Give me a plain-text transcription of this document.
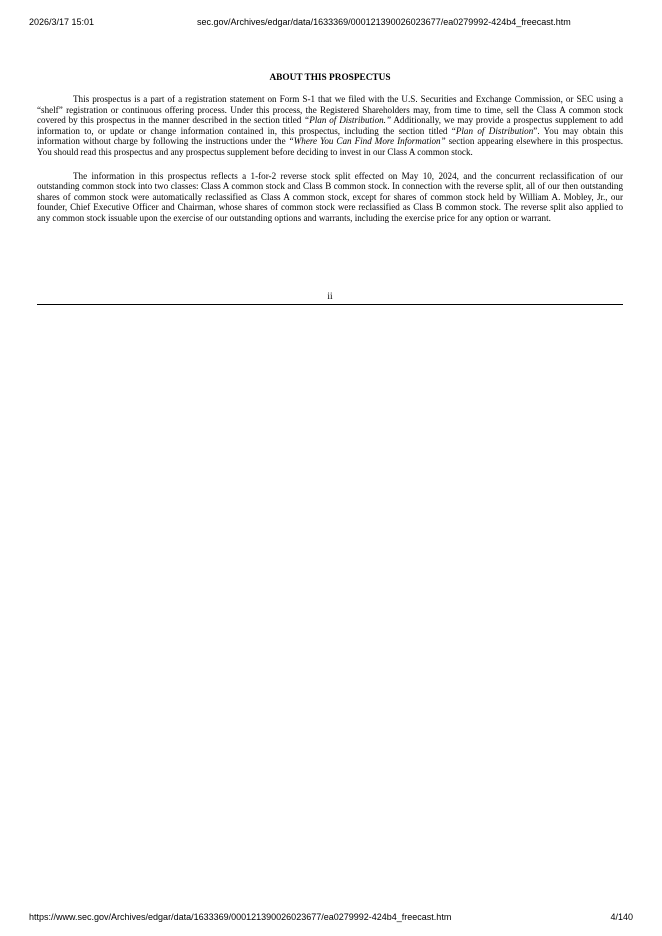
2026/3/17 15:01	sec.gov/Archives/edgar/data/1633369/000121390026023677/ea0279992-424b4_freecast.htm
ABOUT THIS PROSPECTUS

This prospectus is a part of a registration statement on Form S-1 that we filed with the U.S. Securities and Exchange Commission, or SEC using a “shelf” registration or continuous offering process. Under this process, the Registered Shareholders may, from time to time, sell the Class A common stock covered by this prospectus in the manner described in the section titled “Plan of Distribution.” Additionally, we may provide a prospectus supplement to add information to, or update or change information contained in, this prospectus, including the section titled “Plan of Distribution”. You may obtain this information without charge by following the instructions under the “Where You Can Find More Information” section appearing elsewhere in this prospectus. You should read this prospectus and any prospectus supplement before deciding to invest in our Class A common stock.

The information in this prospectus reflects a 1-for-2 reverse stock split effected on May 10, 2024, and the concurrent reclassification of our outstanding common stock into two classes: Class A common stock and Class B common stock. In connection with the reverse split, all of our then outstanding shares of common stock were automatically reclassified as Class A common stock, except for shares of common stock held by William A. Mobley, Jr., our founder, Chief Executive Officer and Chairman, whose shares of common stock were reclassified as Class B common stock. The reverse split also applied to any common stock issuable upon the exercise of our outstanding options and warrants, including the exercise price for any option or warrant.

ii
https://www.sec.gov/Archives/edgar/data/1633369/000121390026023677/ea0279992-424b4_freecast.htm	4/140
